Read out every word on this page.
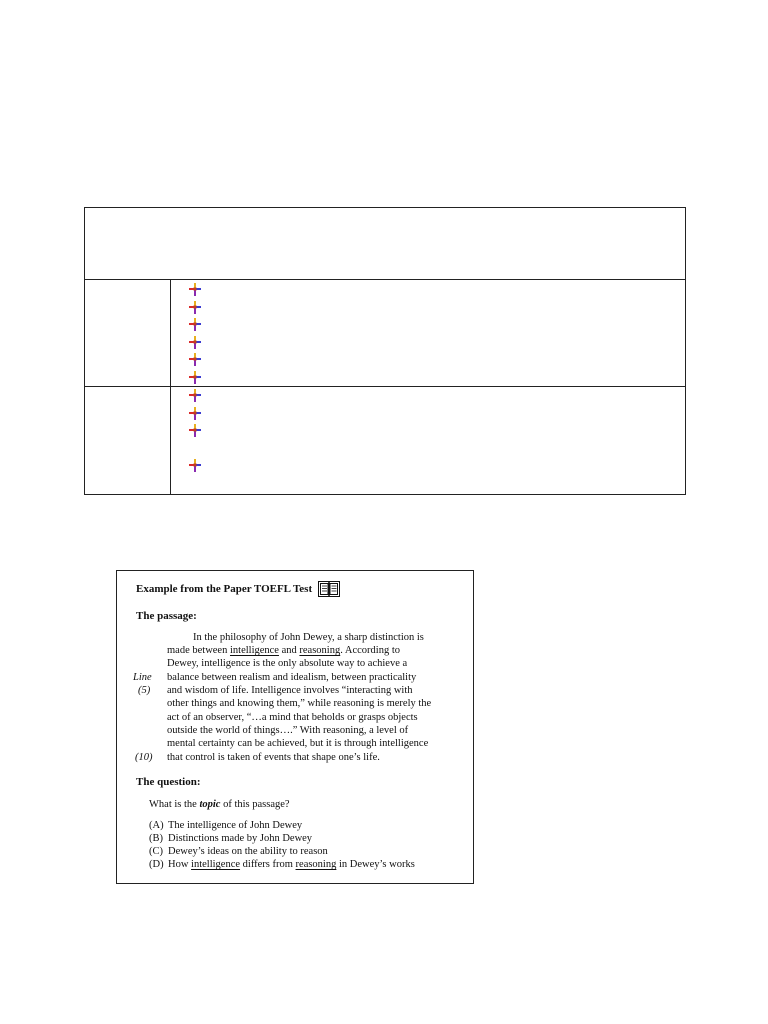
Example from the Paper TOEFL Test
The passage:
Line
(5)
(10)
In the philosophy of John Dewey, a sharp distinction is
made between intelligence and reasoning. According to
Dewey, intelligence is the only absolute way to achieve a
balance between realism and idealism, between practicality
and wisdom of life. Intelligence involves “interacting with
other things and knowing them,” while reasoning is merely the
act of an observer, “…a mind that beholds or grasps objects
outside the world of things….” With reasoning, a level of
mental certainty can be achieved, but it is through intelligence
that control is taken of events that shape one’s life.
The question:
What is the topic of this passage?
(A) The intelligence of John Dewey
(B) Distinctions made by John Dewey
(C) Dewey’s ideas on the ability to reason
(D) How intelligence differs from reasoning in Dewey’s works
